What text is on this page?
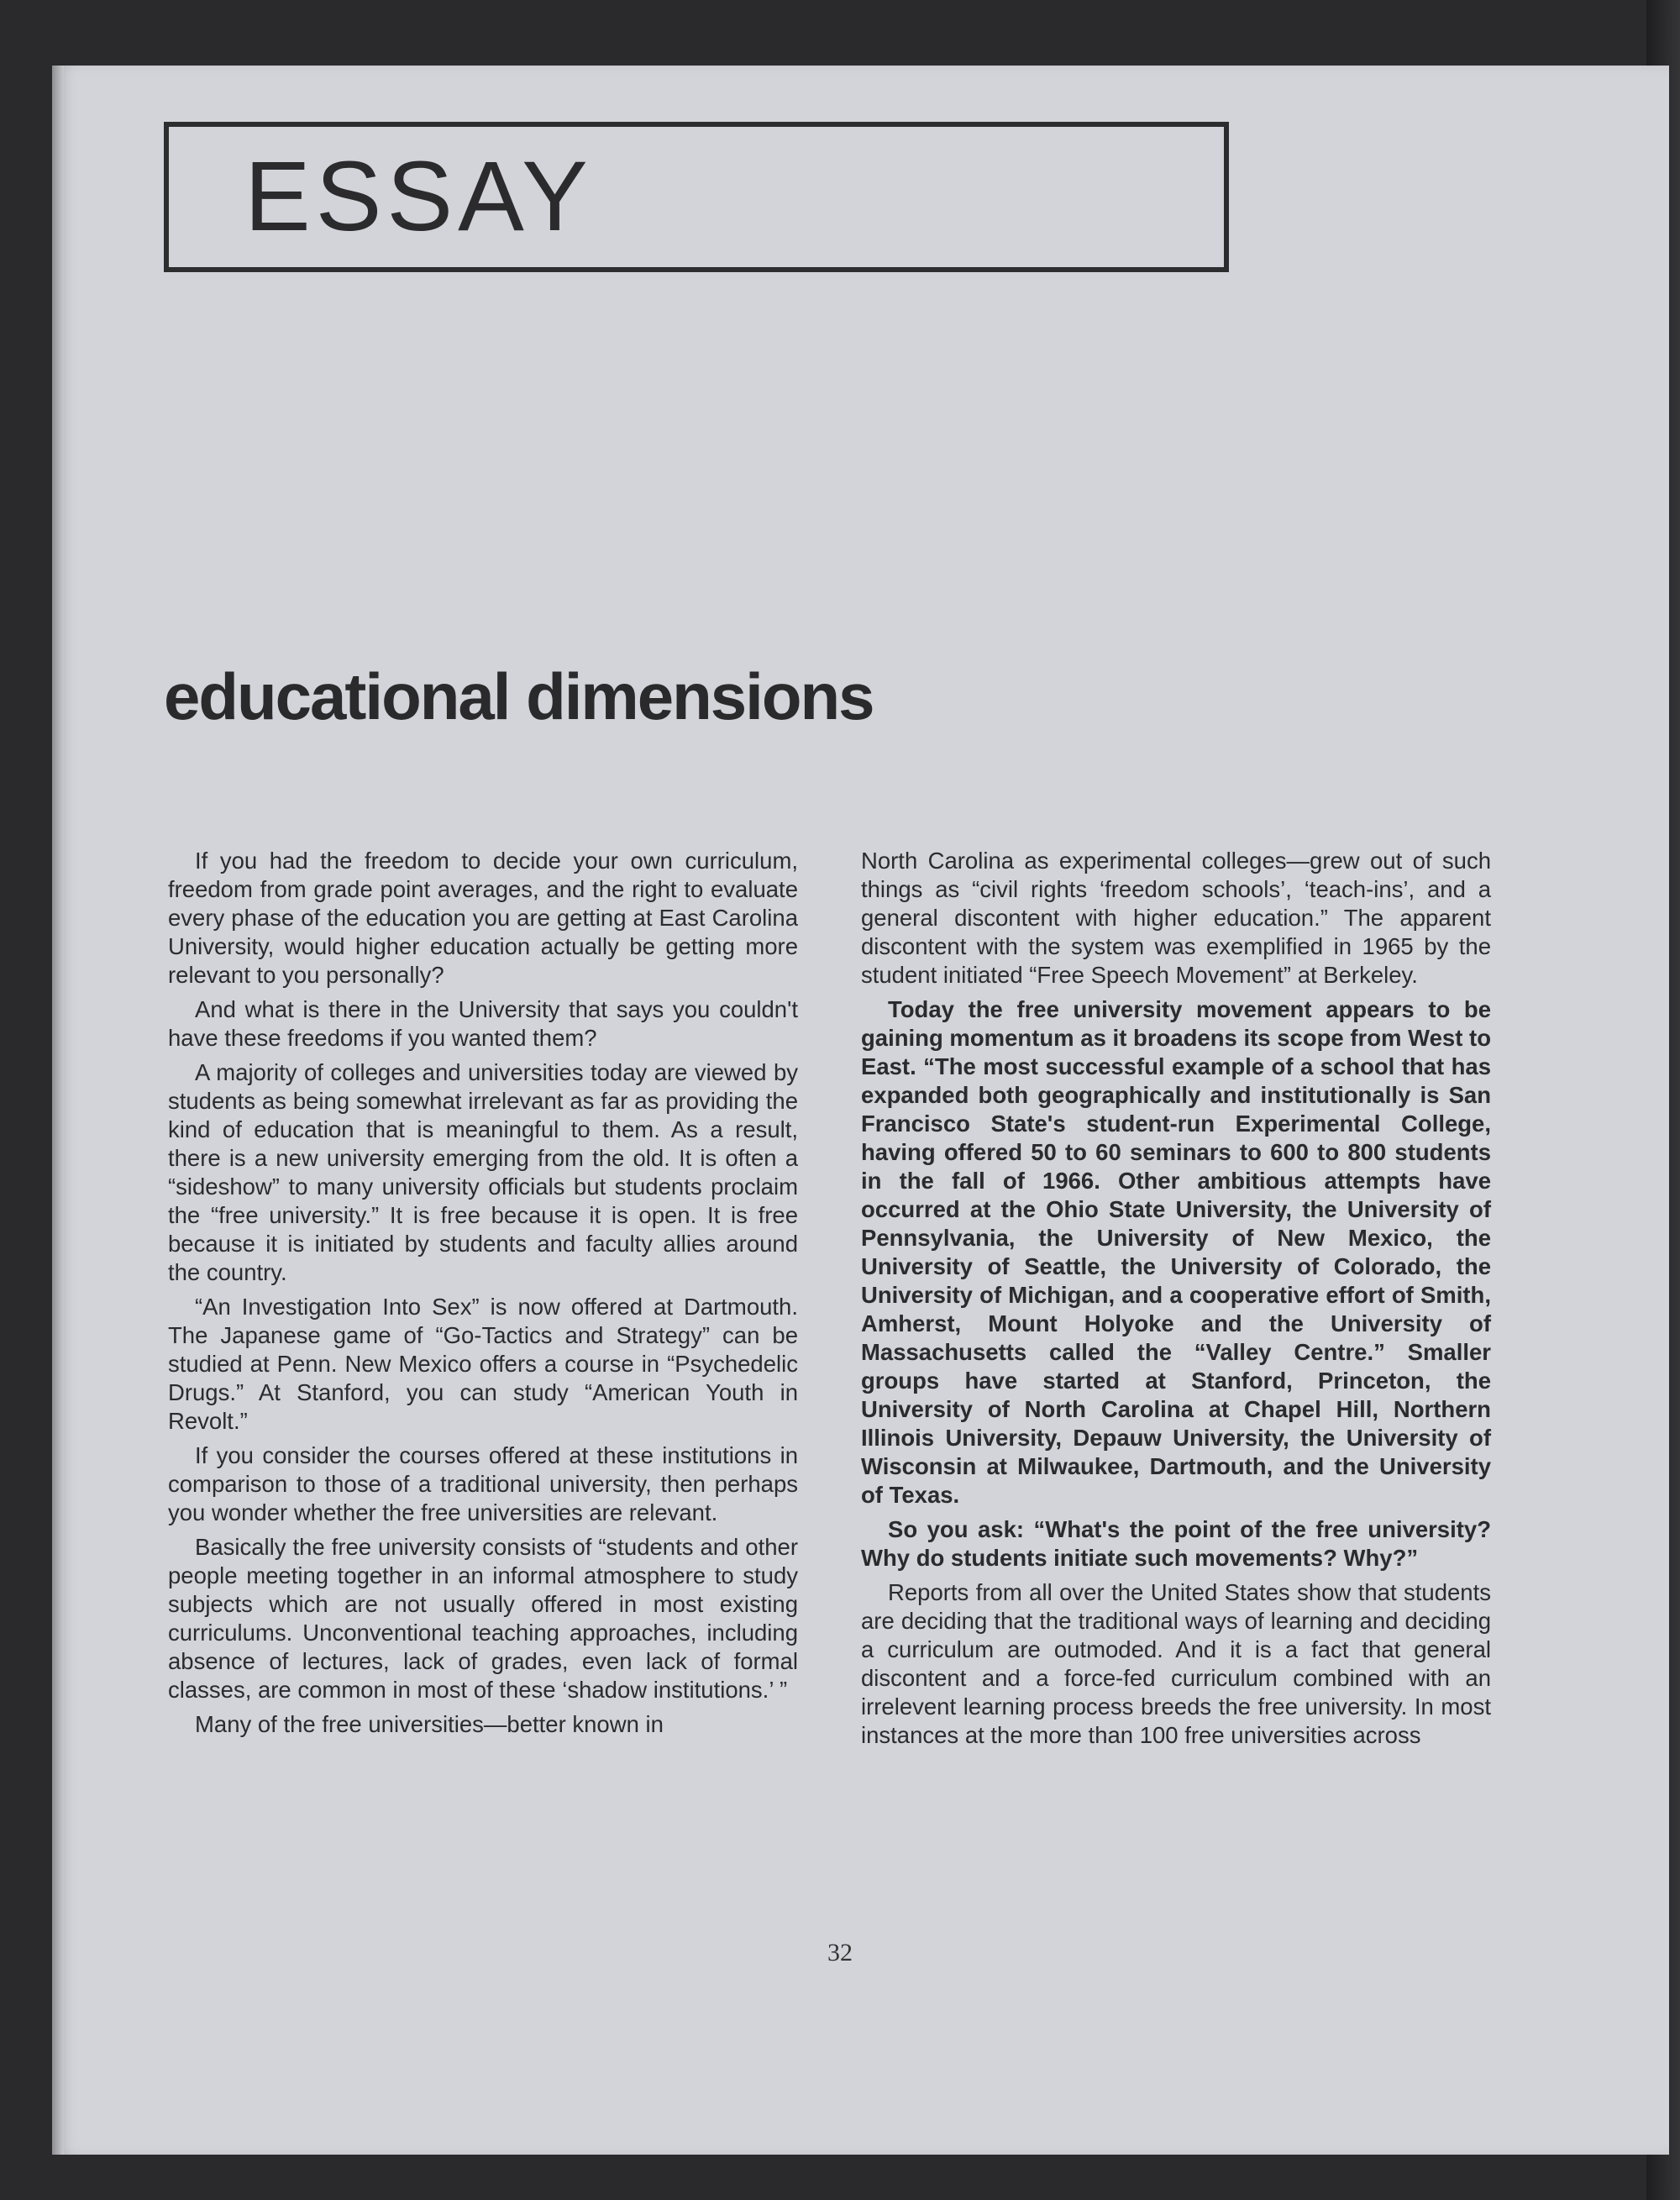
ESSAY
educational dimensions

If you had the freedom to decide your own curriculum, freedom from grade point averages, and the right to evaluate every phase of the education you are getting at East Carolina University, would higher education actually be getting more relevant to you personally?

And what is there in the University that says you couldn't have these freedoms if you wanted them?

A majority of colleges and universities today are viewed by students as being somewhat irrelevant as far as providing the kind of education that is meaningful to them. As a result, there is a new university emerging from the old. It is often a “sideshow” to many university officials but students proclaim the “free university.” It is free because it is open. It is free because it is initiated by students and faculty allies around the country.

“An Investigation Into Sex” is now offered at Dartmouth. The Japanese game of “Go-Tactics and Strategy” can be studied at Penn. New Mexico offers a course in “Psychedelic Drugs.” At Stanford, you can study “American Youth in Revolt.”

If you consider the courses offered at these institutions in comparison to those of a traditional university, then perhaps you wonder whether the free universities are relevant.

Basically the free university consists of “students and other people meeting together in an informal atmosphere to study subjects which are not usually offered in most existing curriculums. Unconventional teaching approaches, including absence of lectures, lack of grades, even lack of formal classes, are common in most of these ‘shadow institutions.’ ”

Many of the free universities—better known in

North Carolina as experimental colleges—grew out of such things as “civil rights ‘freedom schools’, ‘teach-ins’, and a general discontent with higher education.” The apparent discontent with the system was exemplified in 1965 by the student initiated “Free Speech Movement” at Berkeley.

Today the free university movement appears to be gaining momentum as it broadens its scope from West to East. “The most successful example of a school that has expanded both geographically and institutionally is San Francisco State's student-run Experimental College, having offered 50 to 60 seminars to 600 to 800 students in the fall of 1966. Other ambitious attempts have occurred at the Ohio State University, the University of Pennsylvania, the University of New Mexico, the University of Seattle, the University of Colorado, the University of Michigan, and a cooperative effort of Smith, Amherst, Mount Holyoke and the University of Massachusetts called the “Valley Centre.” Smaller groups have started at Stanford, Princeton, the University of North Carolina at Chapel Hill, Northern Illinois University, Depauw University, the University of Wisconsin at Milwaukee, Dartmouth, and the University of Texas.

So you ask: “What's the point of the free university? Why do students initiate such movements? Why?”

Reports from all over the United States show that students are deciding that the traditional ways of learning and deciding a curriculum are outmoded. And it is a fact that general discontent and a force-fed curriculum combined with an irrelevent learning process breeds the free university. In most instances at the more than 100 free universities across

32
